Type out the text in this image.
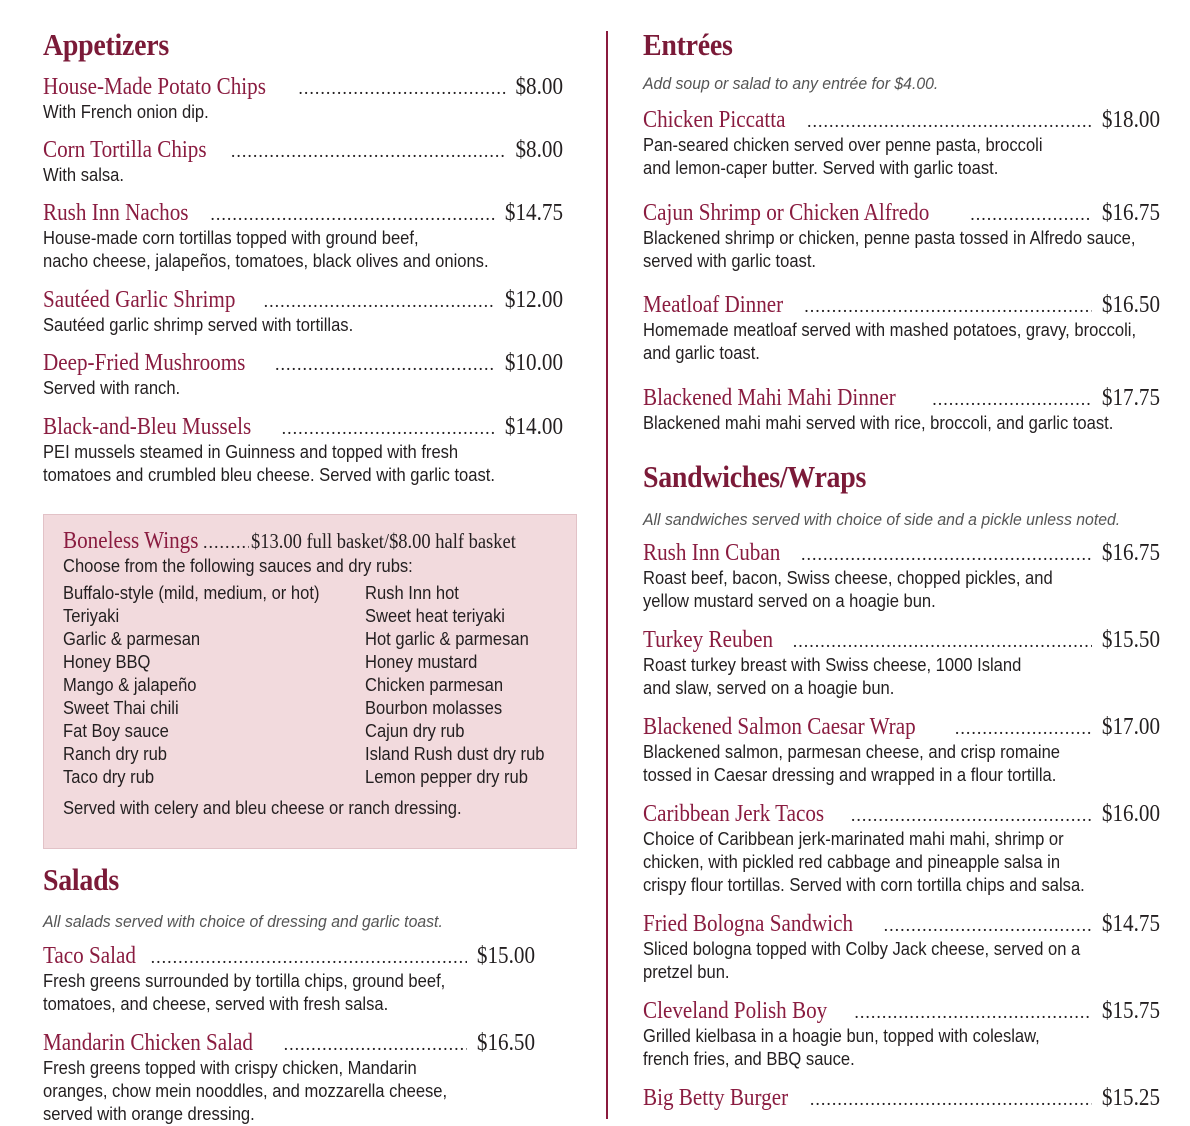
Appetizers
House-Made Potato Chips .....	$8.00
With French onion dip.
Corn Tortilla Chips .....	$8.00
With salsa.
Rush Inn Nachos .....	$14.75
House-made corn tortillas topped with ground beef,
nacho cheese, jalapeños, tomatoes, black olives and onions.
Sautéed Garlic Shrimp .....	$12.00
Sautéed garlic shrimp served with tortillas.
Deep-Fried Mushrooms .....	$10.00
Served with ranch.
Black-and-Bleu Mussels .....	$14.00
PEI mussels steamed in Guinness and topped with fresh
tomatoes and crumbled bleu cheese. Served with garlic toast.
Salads
All salads served with choice of dressing and garlic toast.
Taco Salad .....	$15.00
Fresh greens surrounded by tortilla chips, ground beef,
tomatoes, and cheese, served with fresh salsa.
Mandarin Chicken Salad .....	$16.50
Fresh greens topped with crispy chicken, Mandarin
oranges, chow mein nooddles, and mozzarella cheese,
served with orange dressing.
Boneless Wings ..... $13.00 full basket/$8.00 half basket
Choose from the following sauces and dry rubs:
Buffalo-style (mild, medium, or hot)
Teriyaki
Garlic & parmesan
Honey BBQ
Mango & jalapeño
Sweet Thai chili
Fat Boy sauce
Ranch dry rub
Taco dry rub
Rush Inn hot
Sweet heat teriyaki
Hot garlic & parmesan
Honey mustard
Chicken parmesan
Bourbon molasses
Cajun dry rub
Island Rush dust dry rub
Lemon pepper dry rub
Served with celery and bleu cheese or ranch dressing.
Entrées
Add soup or salad to any entrée for $4.00.
Chicken Piccatta .....	$18.00
Pan-seared chicken served over penne pasta, broccoli
and lemon-caper butter. Served with garlic toast.
Cajun Shrimp or Chicken Alfredo .....	$16.75
Blackened shrimp or chicken, penne pasta tossed in Alfredo sauce,
served with garlic toast.
Meatloaf Dinner .....	$16.50
Homemade meatloaf served with mashed potatoes, gravy, broccoli,
and garlic toast.
Blackened Mahi Mahi Dinner .....	$17.75
Blackened mahi mahi served with rice, broccoli, and garlic toast.
Sandwiches/Wraps
All sandwiches served with choice of side and a pickle unless noted.
Rush Inn Cuban .....	$16.75
Roast beef, bacon, Swiss cheese, chopped pickles, and
yellow mustard served on a hoagie bun.
Turkey Reuben .....	$15.50
Roast turkey breast with Swiss cheese, 1000 Island
and slaw, served on a hoagie bun.
Blackened Salmon Caesar Wrap .....	$17.00
Blackened salmon, parmesan cheese, and crisp romaine
tossed in Caesar dressing and wrapped in a flour tortilla.
Caribbean Jerk Tacos .....	$16.00
Choice of Caribbean jerk-marinated mahi mahi, shrimp or
chicken, with pickled red cabbage and pineapple salsa in
crispy flour tortillas. Served with corn tortilla chips and salsa.
Fried Bologna Sandwich .....	$14.75
Sliced bologna topped with Colby Jack cheese, served on a
pretzel bun.
Cleveland Polish Boy .....	$15.75
Grilled kielbasa in a hoagie bun, topped with coleslaw,
french fries, and BBQ sauce.
Big Betty Burger .....	$15.25
